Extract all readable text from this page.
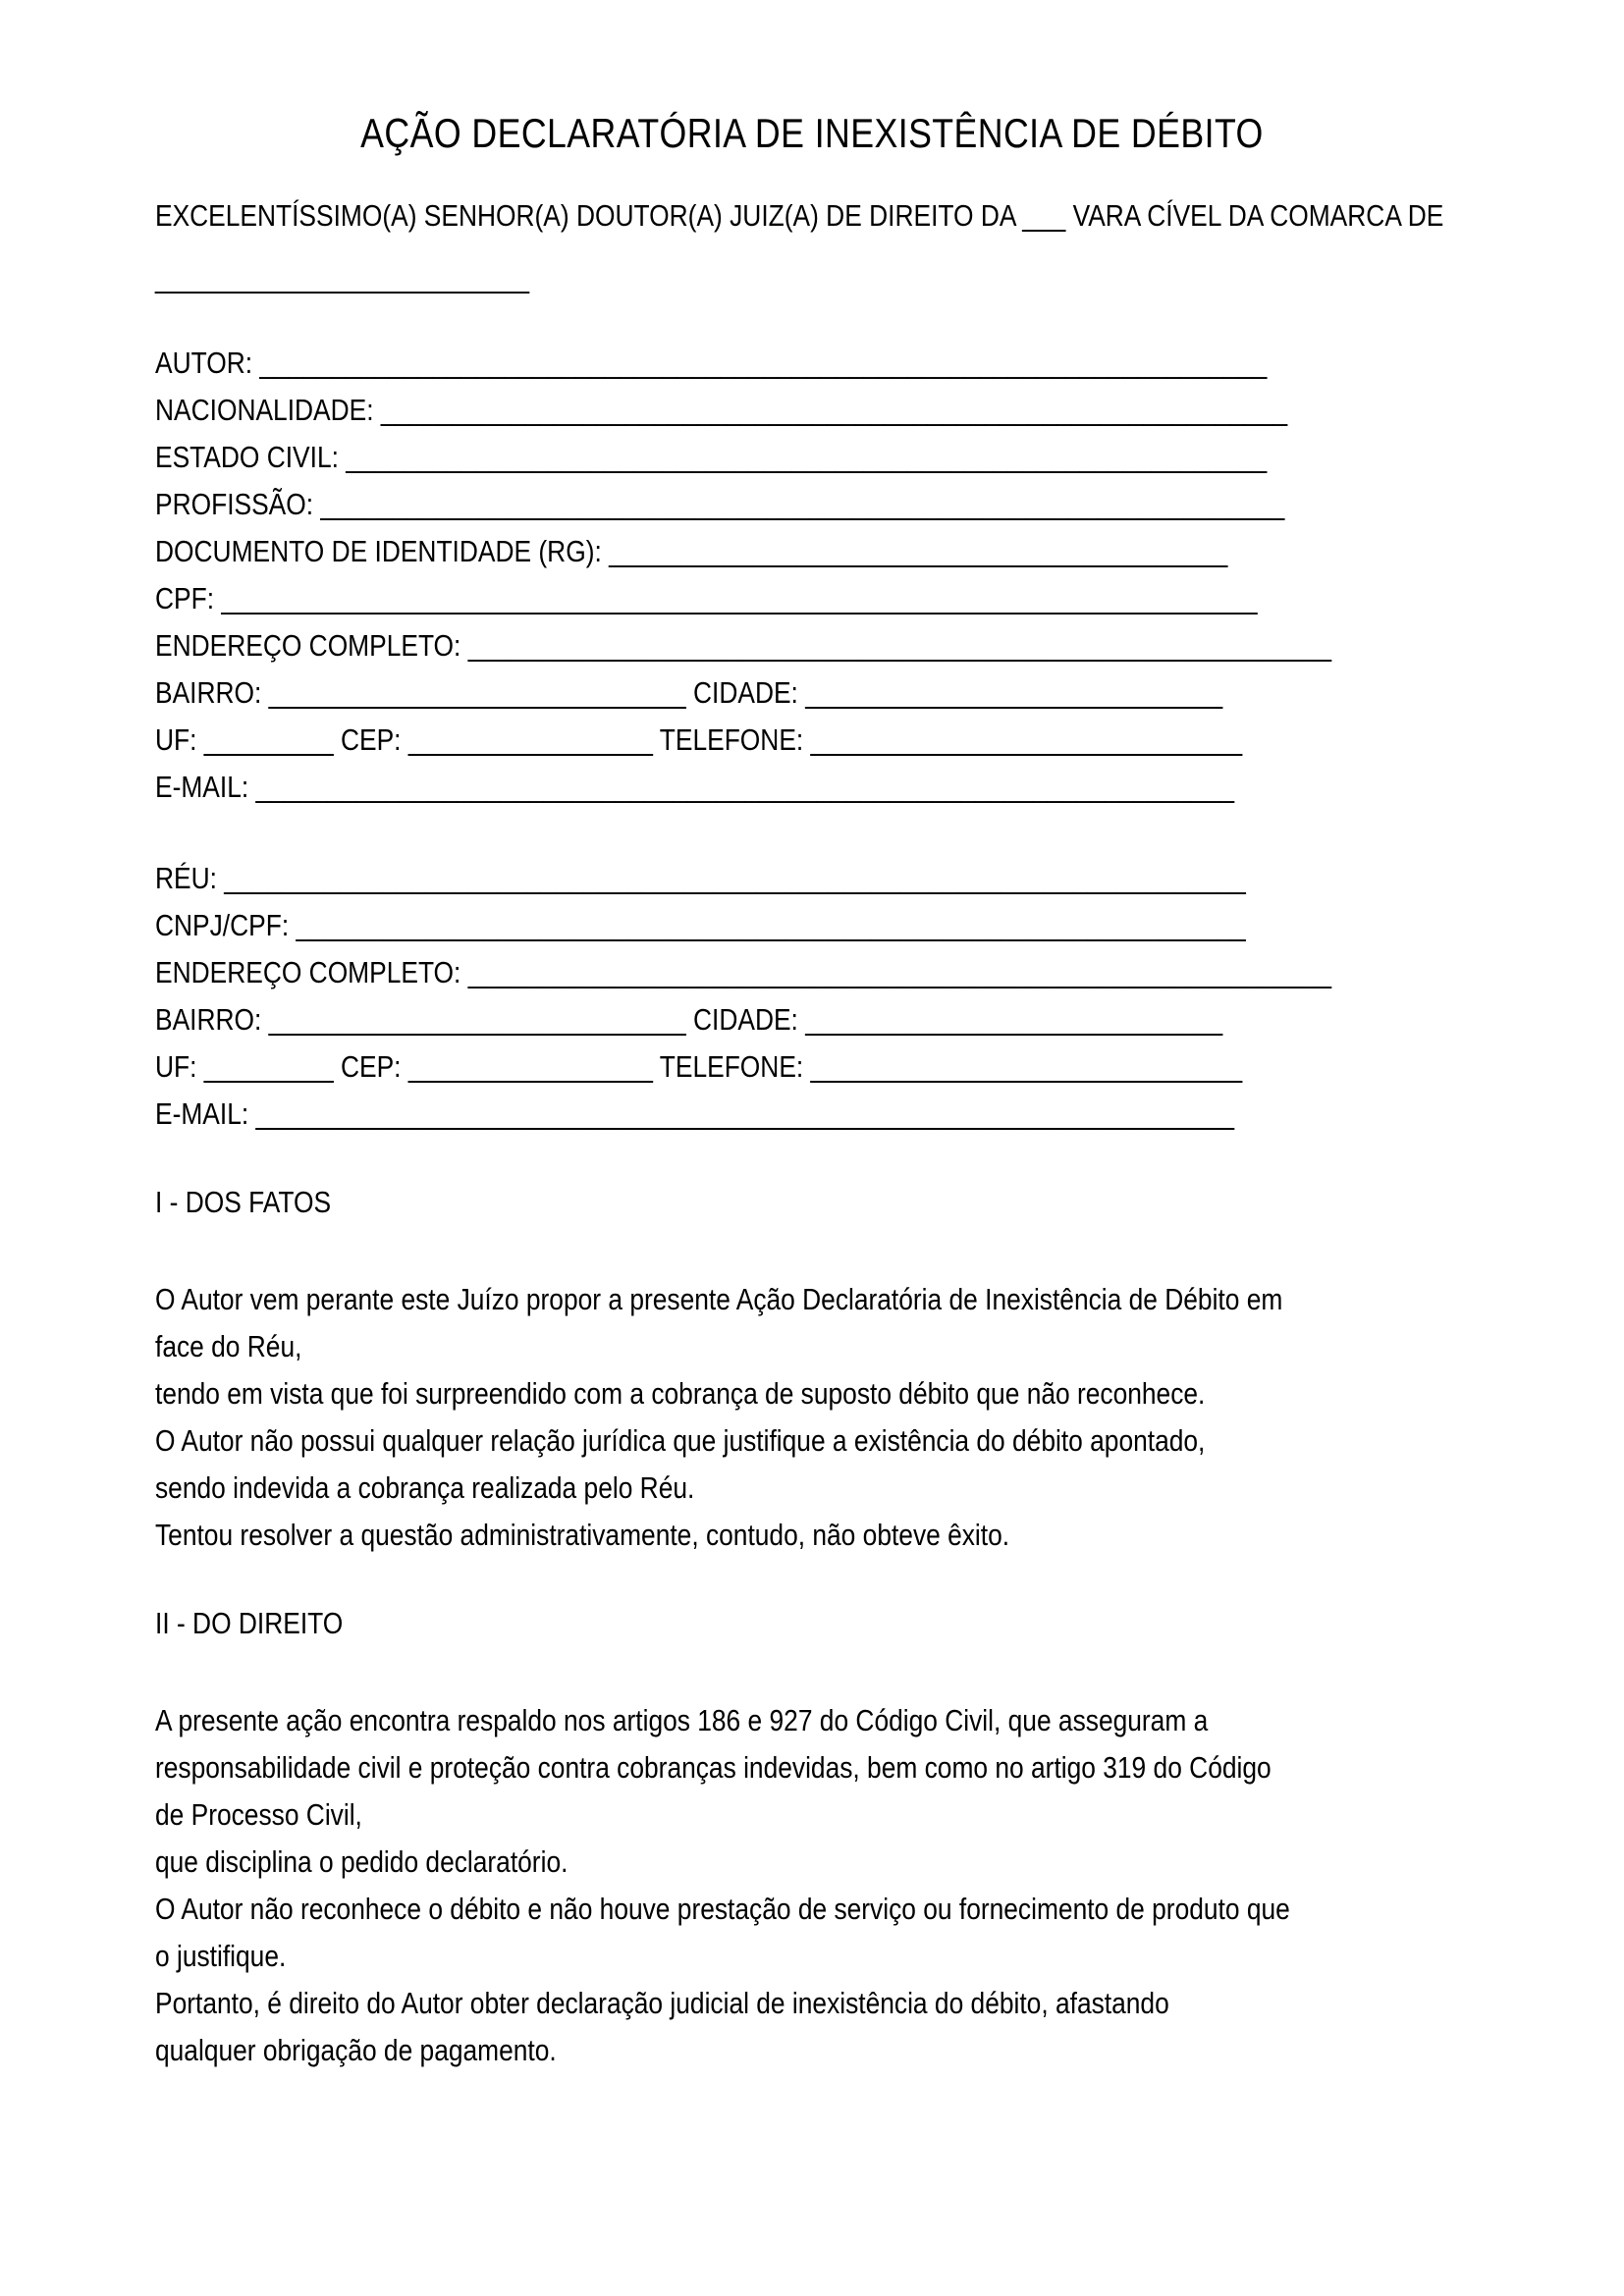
AÇÃO DECLARATÓRIA DE INEXISTÊNCIA DE DÉBITO
EXCELENTÍSSIMO(A) SENHOR(A) DOUTOR(A) JUIZ(A) DE DIREITO DA ___ VARA CÍVEL DA COMARCA DE
__________________________
AUTOR: ______________________________________________________________________
NACIONALIDADE: _______________________________________________________________
ESTADO CIVIL: ________________________________________________________________
PROFISSÃO: ___________________________________________________________________
DOCUMENTO DE IDENTIDADE (RG): ___________________________________________
CPF: ________________________________________________________________________
ENDEREÇO COMPLETO: ____________________________________________________________
BAIRRO: _____________________________ CIDADE: _____________________________
UF: _________ CEP: _________________ TELEFONE: ______________________________
E-MAIL: ____________________________________________________________________
RÉU: _______________________________________________________________________
CNPJ/CPF: __________________________________________________________________
ENDEREÇO COMPLETO: ____________________________________________________________
BAIRRO: _____________________________ CIDADE: _____________________________
UF: _________ CEP: _________________ TELEFONE: ______________________________
E-MAIL: ____________________________________________________________________
I - DOS FATOS
O Autor vem perante este Juízo propor a presente Ação Declaratória de Inexistência de Débito em
face do Réu,
tendo em vista que foi surpreendido com a cobrança de suposto débito que não reconhece.
O Autor não possui qualquer relação jurídica que justifique a existência do débito apontado,
sendo indevida a cobrança realizada pelo Réu.
Tentou resolver a questão administrativamente, contudo, não obteve êxito.
II - DO DIREITO
A presente ação encontra respaldo nos artigos 186 e 927 do Código Civil, que asseguram a
responsabilidade civil e proteção contra cobranças indevidas, bem como no artigo 319 do Código
de Processo Civil,
que disciplina o pedido declaratório.
O Autor não reconhece o débito e não houve prestação de serviço ou fornecimento de produto que
o justifique.
Portanto, é direito do Autor obter declaração judicial de inexistência do débito, afastando
qualquer obrigação de pagamento.
